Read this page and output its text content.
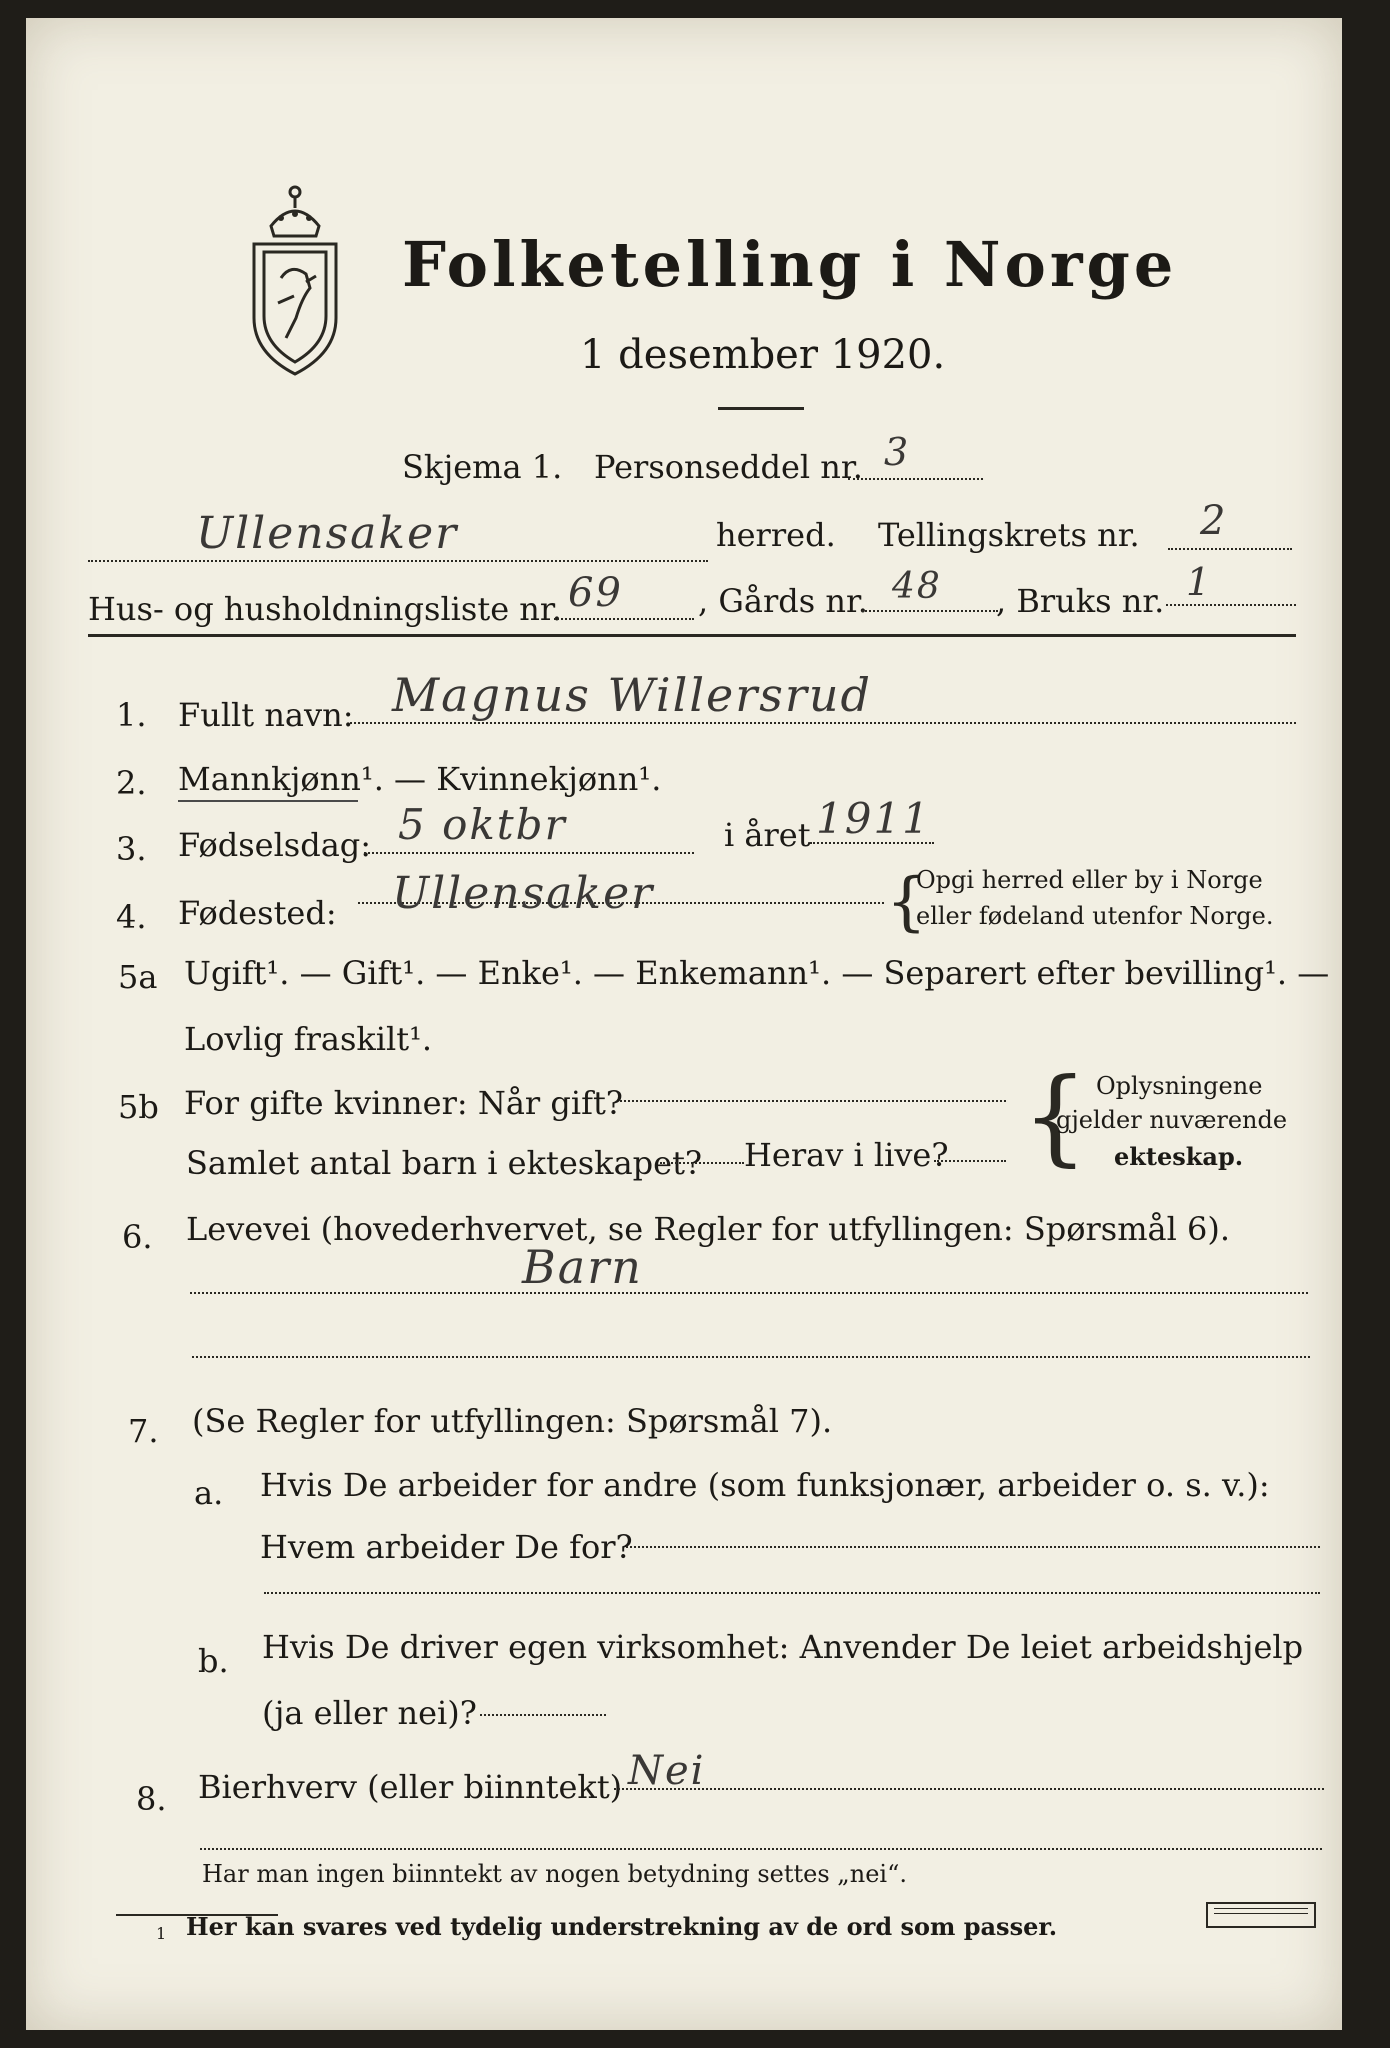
Folketelling i Norge
1 desember 1920.
Skjema 1. Personseddel nr. 3
Ullensaker	herred. Tellingskrets nr. 2
Hus- og husholdningsliste nr. 69 , Gårds nr. 48 , Bruks nr. 1
1. Fullt navn: Magnus Willersrud
2. Mannkjønn¹. — Kvinnekjønn¹.
3. Fødselsdag: 5 oktbr	i året 1911
4. Fødested: Ullensaker	{
Opgi herred eller by i Norge
eller fødeland utenfor Norge.
5a Ugift¹. — Gift¹. — Enke¹. — Enkemann¹. — Separert efter bevilling¹. —
Lovlig fraskilt¹.
5b For gifte kvinner: Når gift?
Samlet antal barn i ekteskapet? Herav i live? { Oplysningene
gjelder nuværende
ekteskap.
6. Levevei (hovederhvervet, se Regler for utfyllingen: Spørsmål 6).
Barn
7. (Se Regler for utfyllingen: Spørsmål 7).
a. Hvis De arbeider for andre (som funksjonær, arbeider o. s. v.):
Hvem arbeider De for?
b. Hvis De driver egen virksomhet: Anvender De leiet arbeidshjelp
(ja eller nei)?
8. Bierhverv (eller biinntekt) Nei
Har man ingen biinntekt av nogen betydning settes „nei“.
1 Her kan svares ved tydelig understrekning av de ord som passer.
